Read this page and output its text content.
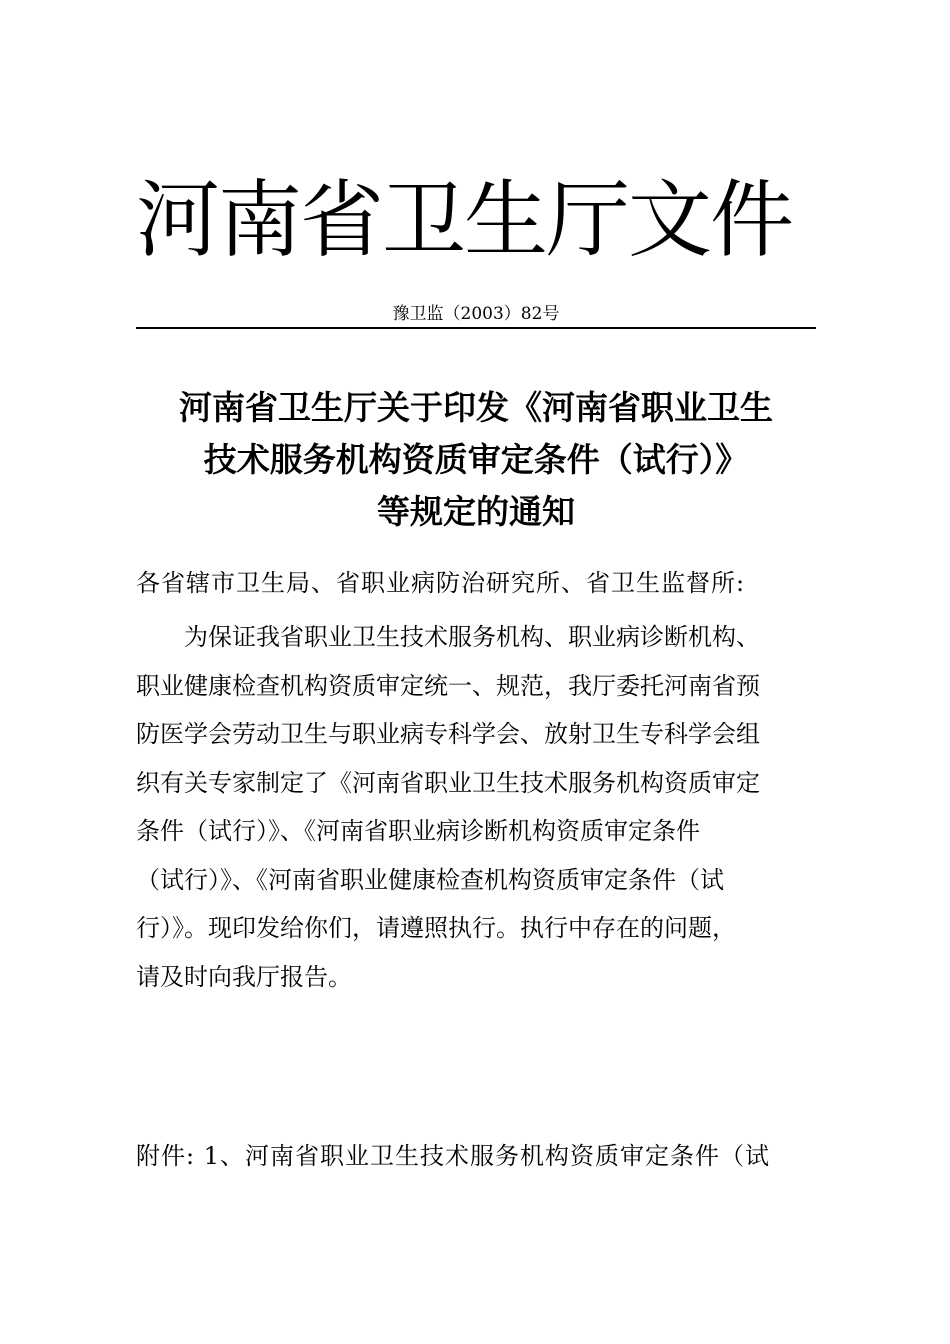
河南省卫生厅文件
豫卫监（2003）82号
河南省卫生厅关于印发《河南省职业卫生
技术服务机构资质审定条件（试行）》
等规定的通知
各省辖市卫生局、省职业病防治研究所、省卫生监督所:
　　为保证我省职业卫生技术服务机构、职业病诊断机构、
职业健康检查机构资质审定统一、规范，我厅委托河南省预
防医学会劳动卫生与职业病专科学会、放射卫生专科学会组
织有关专家制定了《河南省职业卫生技术服务机构资质审定
条件（试行）》、《河南省职业病诊断机构资质审定条件
（试行）》、《河南省职业健康检查机构资质审定条件（试
行）》。现印发给你们，请遵照执行。执行中存在的问题，
请及时向我厅报告。
附件: 1、河南省职业卫生技术服务机构资质审定条件（试
